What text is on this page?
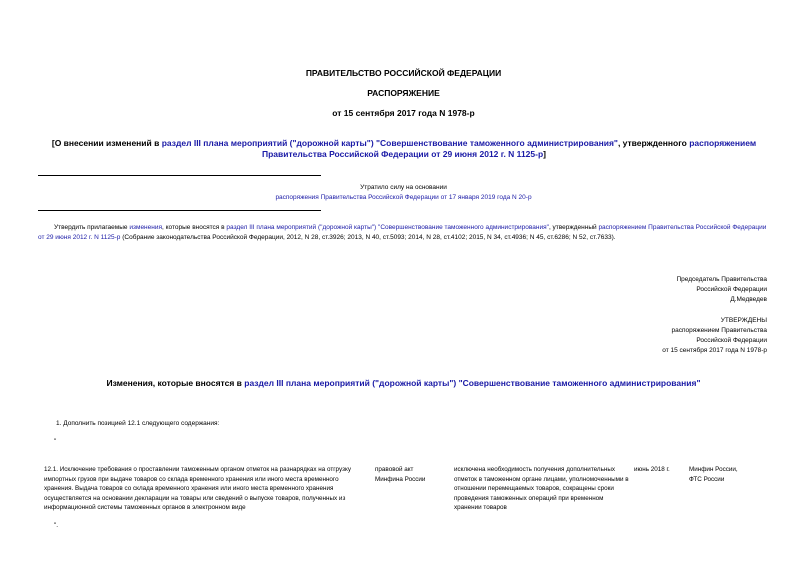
ПРАВИТЕЛЬСТВО РОССИЙСКОЙ ФЕДЕРАЦИИ
РАСПОРЯЖЕНИЕ
от 15 сентября 2017 года N 1978-р
[О внесении изменений в раздел III плана мероприятий ("дорожной карты") "Совершенствование таможенного администрирования", утвержденного распоряжением Правительства Российской Федерации от 29 июня 2012 г. N 1125-р]
Утратило силу на основании
распоряжения Правительства Российской Федерации от 17 января 2019 года N 20-р
Утвердить прилагаемые изменения, которые вносятся в раздел III плана мероприятий ("дорожной карты") "Совершенствование таможенного администрирования", утвержденный распоряжением Правительства Российской Федерации от 29 июня 2012 г. N 1125-р (Собрание законодательства Российской Федерации, 2012, N 28, ст.3926; 2013, N 40, ст.5093; 2014, N 28, ст.4102; 2015, N 34, ст.4936; N 45, ст.6286; N 52, ст.7633).
Председатель Правительства
Российской Федерации
Д.Медведев
УТВЕРЖДЕНЫ
распоряжением Правительства
Российской Федерации
от 15 сентября 2017 года N 1978-р
Изменения, которые вносятся в раздел III плана мероприятий ("дорожной карты") "Совершенствование таможенного администрирования"
1. Дополнить позицией 12.1 следующего содержания:
"
12.1. Исключение требования о проставлении таможенным органом отметок на разнарядках на отгрузку импортных грузов при выдаче товаров со склада временного хранения или иного места временного хранения. Выдача товаров со склада временного хранения или иного места временного хранения осуществляется на основании декларации на товары или сведений о выпуске товаров, полученных из информационной системы таможенных органов в электронном виде
правовой акт Минфина России
исключена необходимость получения дополнительных отметок в таможенном органе лицами, уполномоченными в отношении перемещаемых товаров, сокращены сроки проведения таможенных операций при временном хранении товаров
июнь 2018 г.	Минфин России, ФТС России
".
